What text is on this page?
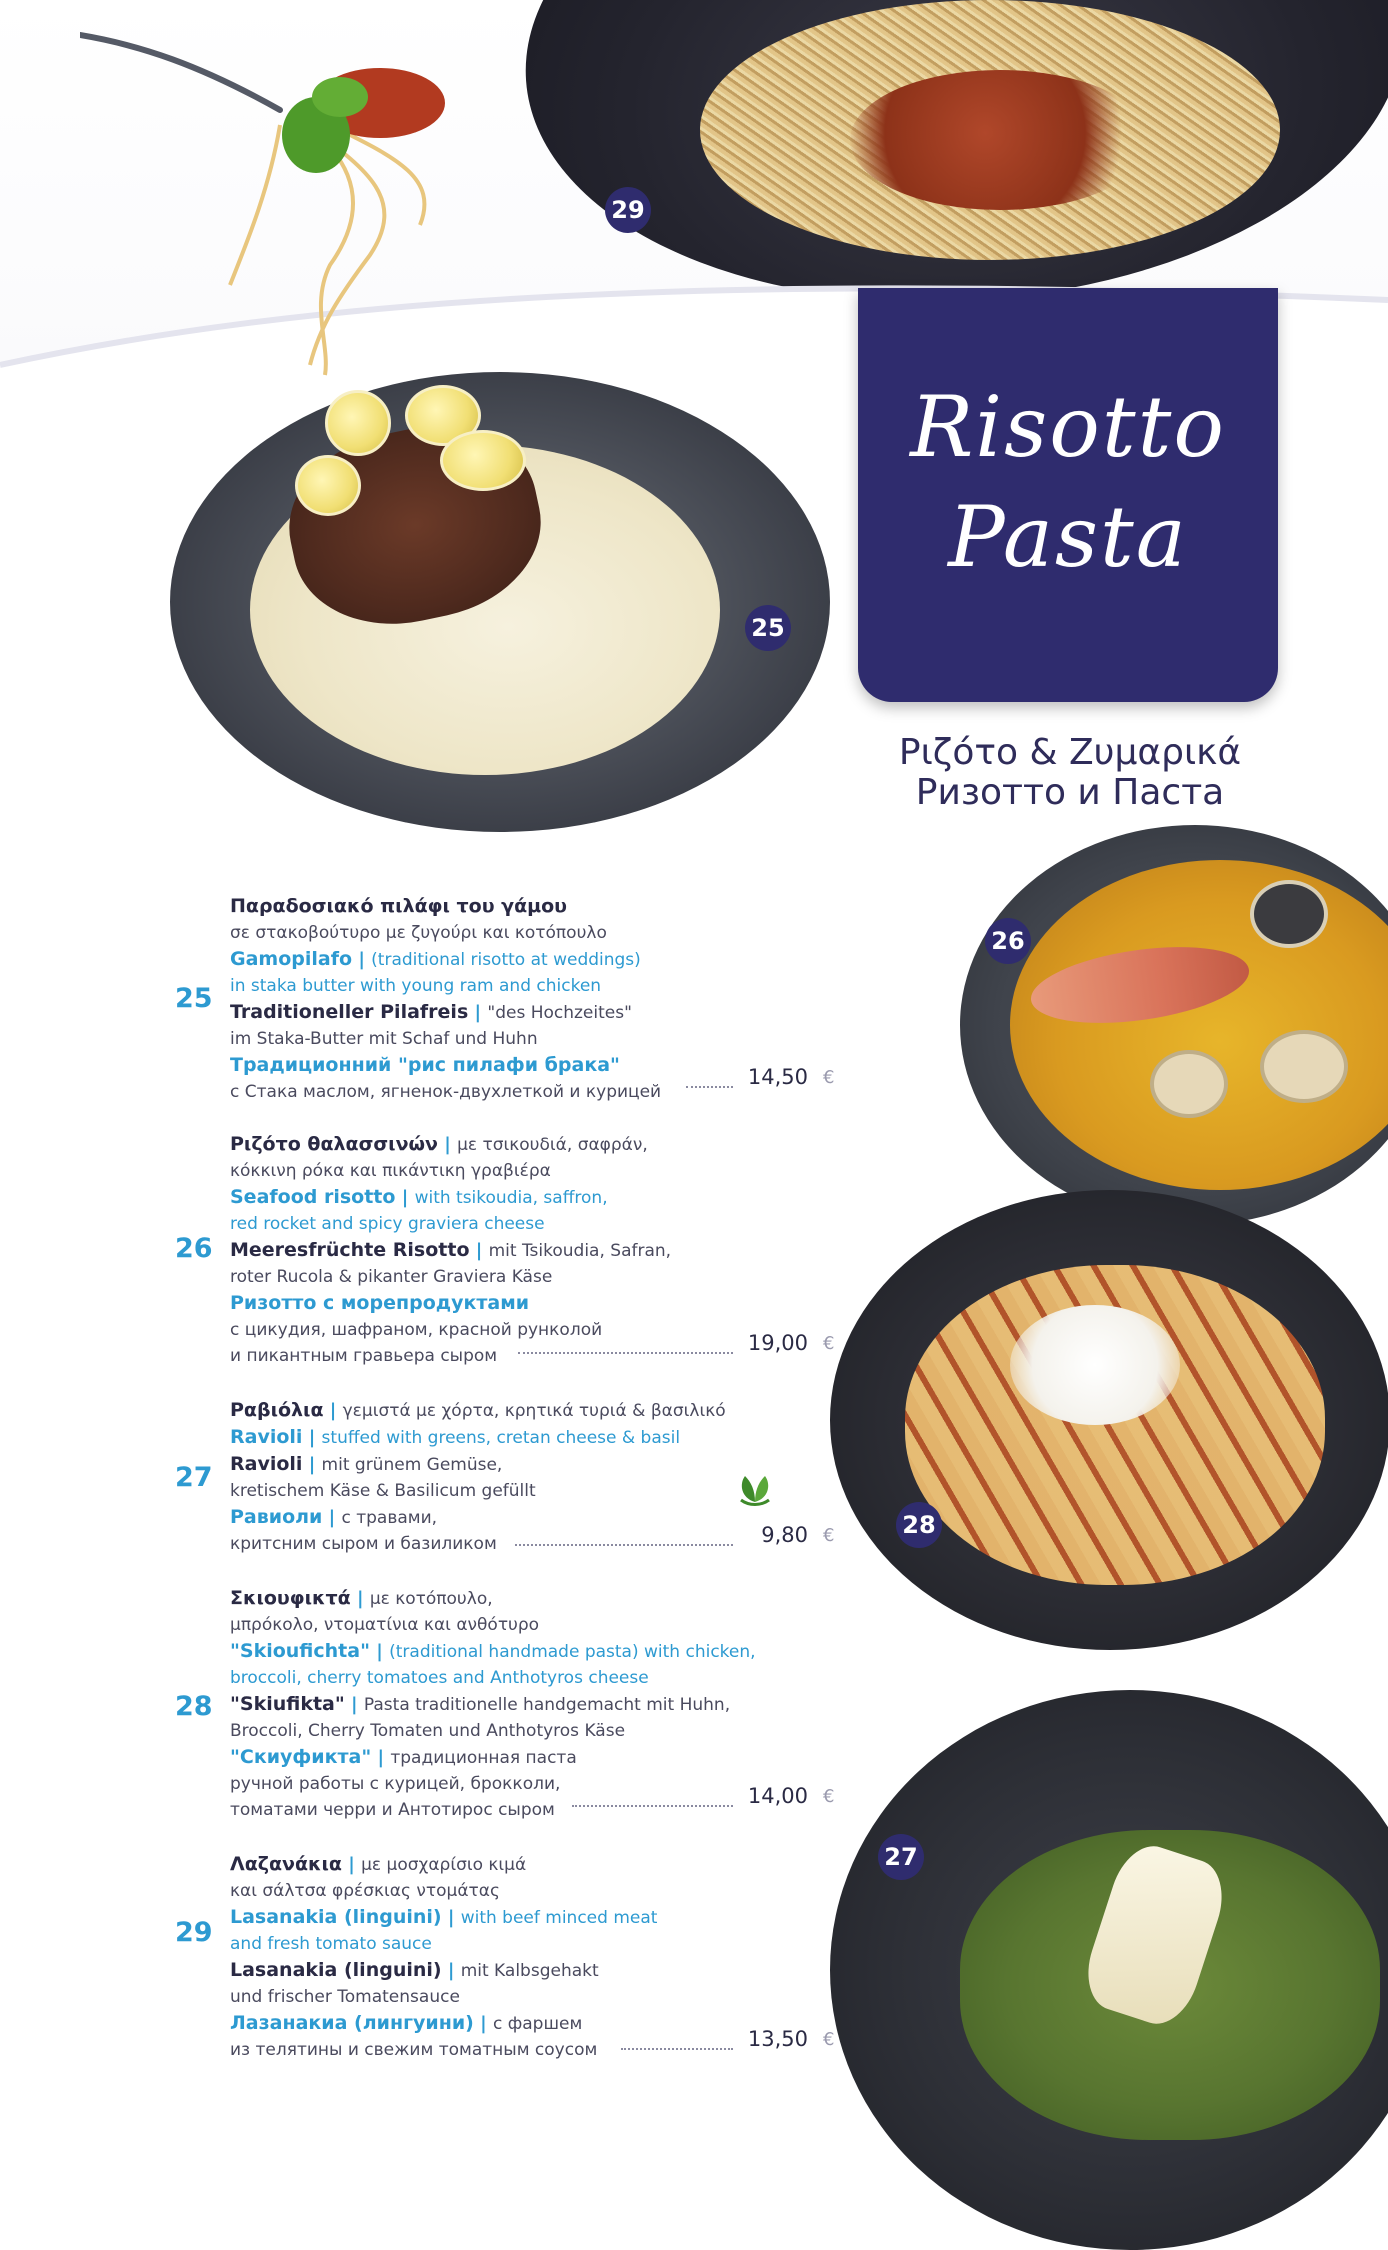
Risotto
Pasta
Ριζότο & Ζυμαρικά
Ризотто и Паста
29
25
26
28
27
25
Παραδοσιακό πιλάφι του γάμου
σε στακοβούτυρο με ζυγούρι και κοτόπουλο
Gamopilafo | (traditional risotto at weddings)
in staka butter with young ram and chicken
Traditioneller Pilafreis | "des Hochzeites"
im Staka-Butter mit Schaf und Huhn
Традиционний "рис пилафи брака"
с Стака маслом, ягненок-двухлеткой и курицей
14,50 €
26
Ριζότο θαλασσινών | με τσικουδιά, σαφράν,
κόκκινη ρόκα και πικάντικη γραβιέρα
Seafood risotto | with tsikoudia, saffron,
red rocket and spicy graviera cheese
Meeresfrüchte Risotto | mit Tsikoudia, Safran,
roter Rucola & pikanter Graviera Käse
Ризотто с морепродуктами
с цикудия, шафраном, красной рунколой
и пикантным гравьера сыром
19,00 €
27
Ραβιόλια | γεμιστά με χόρτα, κρητικά τυριά & βασιλικό
Ravioli | stuffed with greens, cretan cheese & basil
Ravioli | mit grünem Gemüse,
kretischem Käse & Basilicum gefüllt
Равиоли | с травами,
критсним сыром и базиликом	9,80 €
28
Σκιουφικτά | με κοτόπουλο,
μπρόκολο, ντοματίνια και ανθότυρο
"Skioufichta" | (traditional handmade pasta) with chicken,
broccoli, cherry tomatoes and Anthotyros cheese
"Skiufikta" | Pasta traditionelle handgemacht mit Huhn,
Broccoli, Cherry Tomaten und Anthotyros Käse
"Скиуфикта" | традиционная паста
ручной работы с курицей, брокколи,
томатами черри и Антотирос сыром
14,00 €
29
Λαζανάκια | με μοσχαρίσιο κιμά
και σάλτσα φρέσκιας ντομάτας
Lasanakia (linguini) | with beef minced meat
and fresh tomato sauce
Lasanakia (linguini) | mit Kalbsgehakt
und frischer Tomatensauce
Лазанакиа (лингуини) | с фаршем
из телятины и свежим томатным соусом	13,50 €
